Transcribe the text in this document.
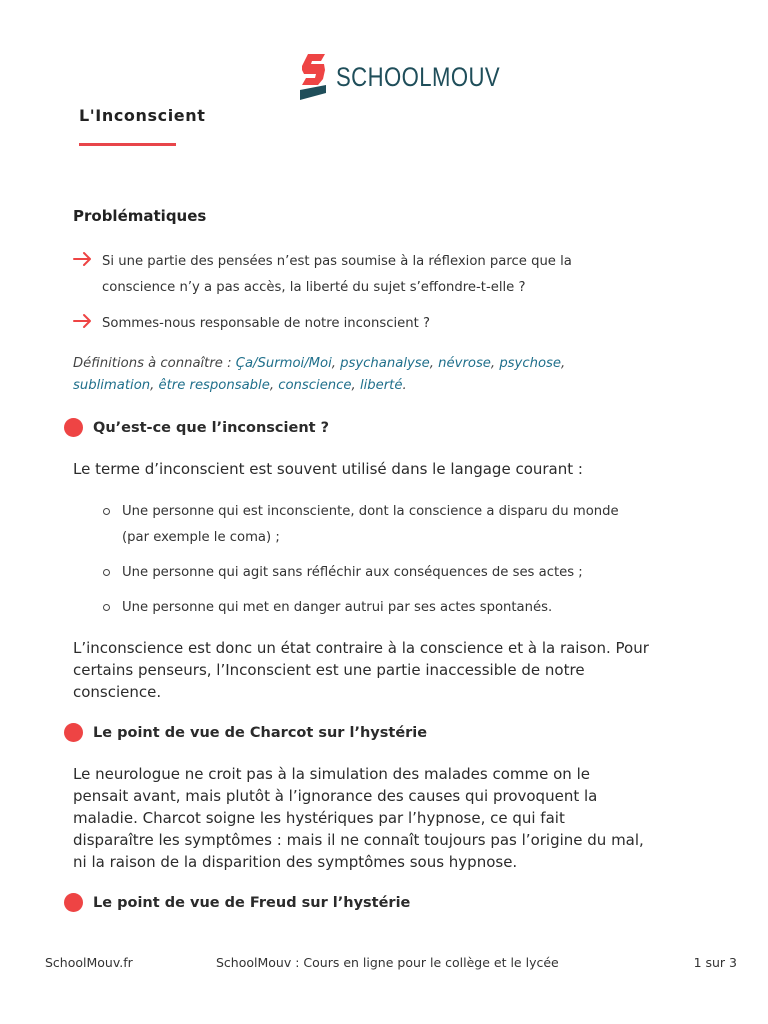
SCHOOLMOUV
L'Inconscient
Problématiques
Si une partie des pensées n’est pas soumise à la réflexion parce que la
conscience n’y a pas accès, la liberté du sujet s’effondre-t-elle ?
Sommes-nous responsable de notre inconscient ?
Définitions à connaître : Ça/Surmoi/Moi, psychanalyse, névrose, psychose,
sublimation, être responsable, conscience, liberté.
Qu’est-ce que l’inconscient ?

Le terme d’inconscient est souvent utilisé dans le langage courant :

Une personne qui est inconsciente, dont la conscience a disparu du monde
(par exemple le coma) ;
Une personne qui agit sans réfléchir aux conséquences de ses actes ;
Une personne qui met en danger autrui par ses actes spontanés.
L’inconscience est donc un état contraire à la conscience et à la raison. Pour
certains penseurs, l’Inconscient est une partie inaccessible de notre
conscience.
Le point de vue de Charcot sur l’hystérie
Le neurologue ne croit pas à la simulation des malades comme on le
pensait avant, mais plutôt à l’ignorance des causes qui provoquent la
maladie. Charcot soigne les hystériques par l’hypnose, ce qui fait
disparaître les symptômes : mais il ne connaît toujours pas l’origine du mal,
ni la raison de la disparition des symptômes sous hypnose.
Le point de vue de Freud sur l’hystérie
SchoolMouv.fr	SchoolMouv : Cours en ligne pour le collège et le lycée	1 sur 3
